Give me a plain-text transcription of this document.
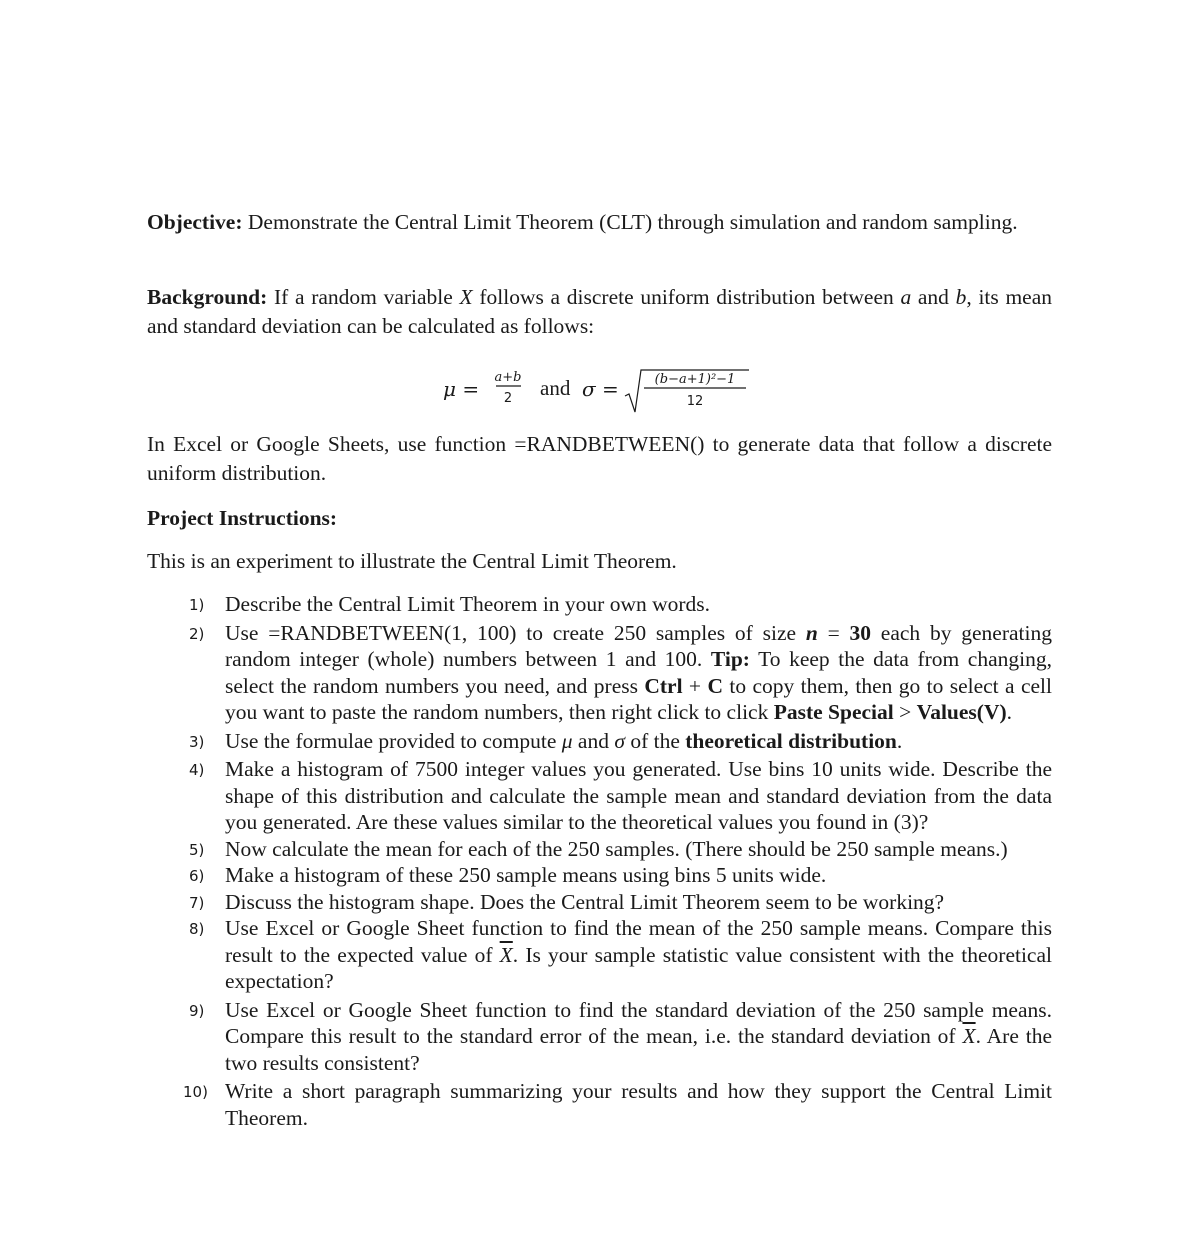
Objective: Demonstrate the Central Limit Theorem (CLT) through simulation and random sampling.

Background: If a random variable X follows a discrete uniform distribution between a and b, its mean and standard deviation can be calculated as follows:

μ = a+b
2 and σ =	(b−a+1)²−1
12

In Excel or Google Sheets, use function =RANDBETWEEN() to generate data that follow a discrete uniform distribution.

Project Instructions:
This is an experiment to illustrate the Central Limit Theorem.
1) Describe the Central Limit Theorem in your own words.
2) Use =RANDBETWEEN(1, 100) to create 250 samples of size n = 30 each by generating random integer (whole) numbers between 1 and 100. Tip: To keep the data from changing, select the random numbers you need, and press Ctrl + C to copy them, then go to select a cell you want to paste the random numbers, then right click to click Paste Special > Values(V).
3) Use the formulae provided to compute μ and σ of the theoretical distribution.
4) Make a histogram of 7500 integer values you generated. Use bins 10 units wide. Describe the shape of this distribution and calculate the sample mean and standard deviation from the data you generated. Are these values similar to the theoretical values you found in (3)?
5) Now calculate the mean for each of the 250 samples. (There should be 250 sample means.)
6) Make a histogram of these 250 sample means using bins 5 units wide.
7) Discuss the histogram shape. Does the Central Limit Theorem seem to be working?
8) Use Excel or Google Sheet function to find the mean of the 250 sample means. Compare this result to the expected value of $\overline{X}$. Is your sample statistic value consistent with the theoretical expectation?
9) Use Excel or Google Sheet function to find the standard deviation of the 250 sample means. Compare this result to the standard error of the mean, i.e. the standard deviation of $\overline{X}$. Are the two results consistent?
10) Write a short paragraph summarizing your results and how they support the Central Limit Theorem.
